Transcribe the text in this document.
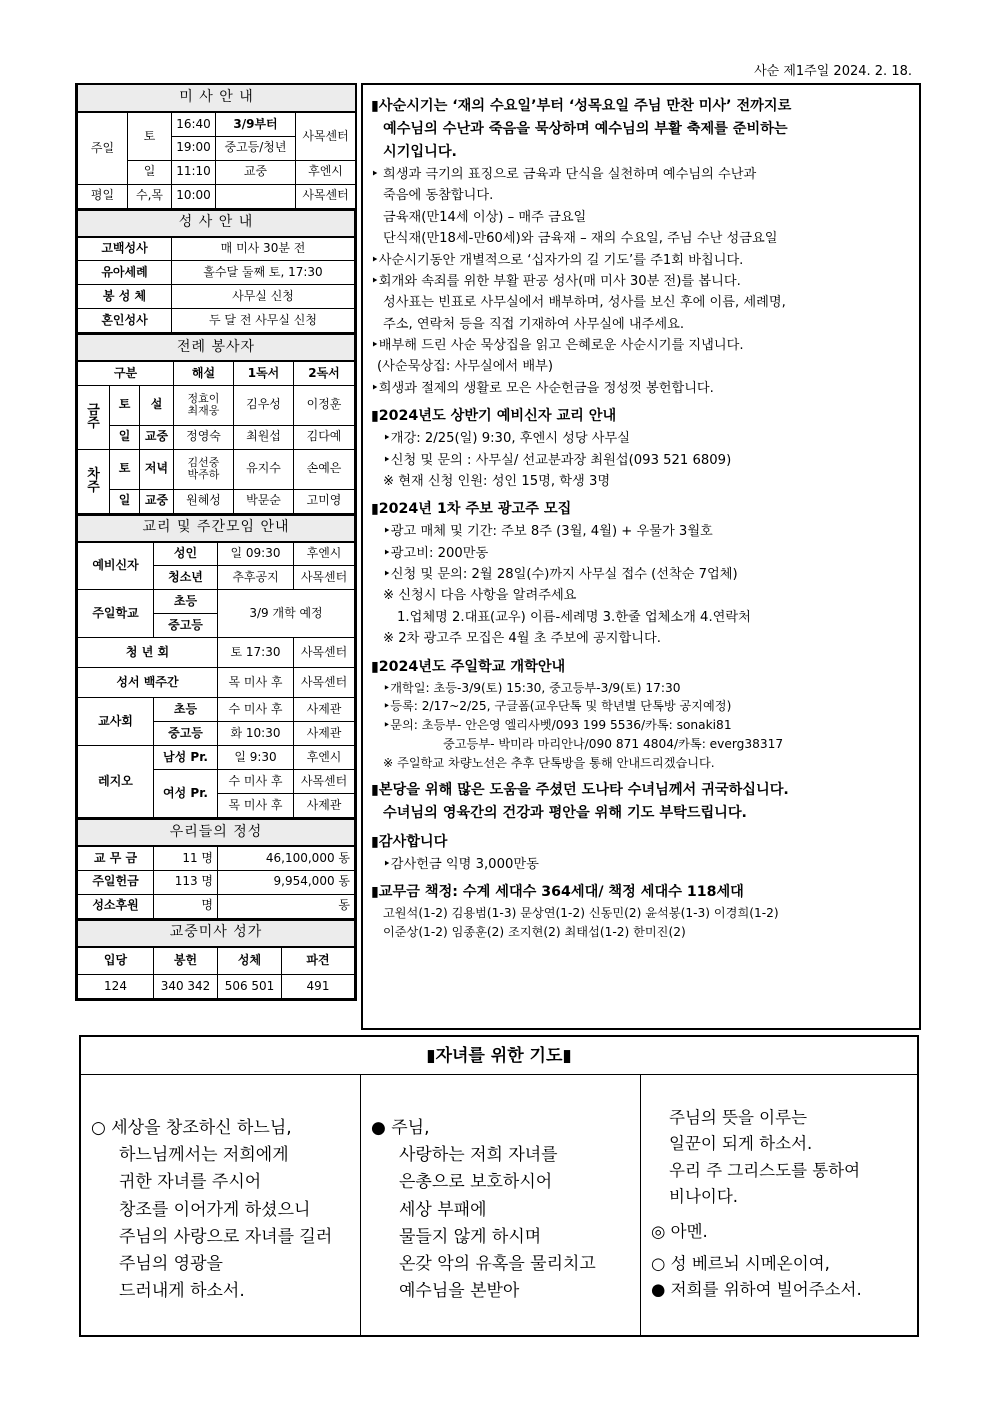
사순 제1주일 2024. 2. 18.
미 사 안 내				
주일	토	16:40	3/9부터	사목센터
		19:00	중고등/청년	
	일	11:10	교중	후엔시
평일	수,목	10:00		사목센터
성 사 안 내	
고백성사	매 미사 30분 전
유아세례	홀수달 둘째 토, 17:30
봉 성 체	사무실 신청
혼인성사	두 달 전 사무실 신청
전례 봉사자					
구분			해설	1독서	2독서
금주	토	설	정효이 최재웅	김우성	이정훈
	일	교중	정영숙	최원섭	김다예
차주	토	저녁	김선중 박주하	유지수	손예은
	일	교중	원혜성	박문순	고미영
교리 및 주간모임 안내			
예비신자	성인	일 09:30	후엔시
	청소년	추후공지	사목센터
주일학교	초등	3/9 개학 예정	
	중고등		
청 년 회		토 17:30	사목센터
성서 백주간		목 미사 후	사목센터
교사회	초등	수 미사 후	사제관
	중고등	화 10:30	사제관
레지오	남성 Pr.	일 9:30	후엔시
	여성 Pr.	수 미사 후	사목센터
		목 미사 후	사제관
우리들의 정성		
교 무 금	11 명	46,100,000 동
주일헌금	113 명	9,954,000 동
성소후원	명	동
교중미사 성가			
입당	봉헌	성체	파견
124	340 342	506 501	491
▮사순시기는 ‘재의 수요일’부터 ‘성목요일 주님 만찬 미사’ 전까지로
예수님의 수난과 죽음을 묵상하며 예수님의 부활 축제를 준비하는
시기입니다.
‣ 희생과 극기의 표징으로 금육과 단식을 실천하며 예수님의 수난과
죽음에 동참합니다.
금육재(만14세 이상) – 매주 금요일
단식재(만18세-만60세)와 금육재 – 재의 수요일, 주님 수난 성금요일
‣사순시기동안 개별적으로 ‘십자가의 길 기도’를 주1회 바칩니다.
‣회개와 속죄를 위한 부활 판공 성사(매 미사 30분 전)를 봅니다.
성사표는 빈표로 사무실에서 배부하며, 성사를 보신 후에 이름, 세례명,
주소, 연락처 등을 직접 기재하여 사무실에 내주세요.
‣배부해 드린 사순 묵상집을 읽고 은혜로운 사순시기를 지냅니다.
(사순묵상집: 사무실에서 배부)
‣희생과 절제의 생활로 모은 사순헌금을 정성껏 봉헌합니다.
▮2024년도 상반기 예비신자 교리 안내
‣개강: 2/25(일) 9:30, 후엔시 성당 사무실
‣신청 및 문의 : 사무실/ 선교분과장 최원섭(093 521 6809)
※ 현재 신청 인원: 성인 15명, 학생 3명
▮2024년 1차 주보 광고주 모집
‣광고 매체 및 기간: 주보 8주 (3월, 4월) + 우물가 3월호
‣광고비: 200만동
‣신청 및 문의: 2월 28일(수)까지 사무실 접수 (선착순 7업체)
※ 신청시 다음 사항을 알려주세요
1.업체명 2.대표(교우) 이름-세례명 3.한줄 업체소개 4.연락처
※ 2차 광고주 모집은 4월 초 주보에 공지합니다.
▮2024년도 주일학교 개학안내
‣개학일: 초등-3/9(토) 15:30, 중고등부-3/9(토) 17:30
‣등록: 2/17~2/25, 구글폼(교우단톡 및 학년별 단톡방 공지예정)
‣문의: 초등부- 안은영 엘리사벳/093 199 5536/카톡: sonaki81
중고등부- 박미라 마리안나/090 871 4804/카톡: everg38317
※ 주일학교 차량노선은 추후 단톡방을 통해 안내드리겠습니다.
▮본당을 위해 많은 도움을 주셨던 도나타 수녀님께서 귀국하십니다.
수녀님의 영육간의 건강과 평안을 위해 기도 부탁드립니다.
▮감사합니다
‣감사헌금 익명 3,000만동
▮교무금 책정: 수계 세대수 364세대/ 책정 세대수 118세대
고원석(1-2) 김용범(1-3) 문상연(1-2) 신동민(2) 윤석봉(1-3) 이경희(1-2)
이준상(1-2) 임종훈(2) 조지현(2) 최태섭(1-2) 한미진(2)
▮자녀를 위한 기도▮
○ 세상을 창조하신 하느님,
하느님께서는 저희에게
귀한 자녀를 주시어
창조를 이어가게 하셨으니
주님의 사랑으로 자녀를 길러
주님의 영광을
드러내게 하소서.
● 주님,
사랑하는 저희 자녀를
은총으로 보호하시어
세상 부패에
물들지 않게 하시며
온갖 악의 유혹을 물리치고
예수님을 본받아
주님의 뜻을 이루는
일꾼이 되게 하소서.
우리 주 그리스도를 통하여
비나이다.
◎ 아멘.
○ 성 베르뇌 시메온이여,
● 저희를 위하여 빌어주소서.
